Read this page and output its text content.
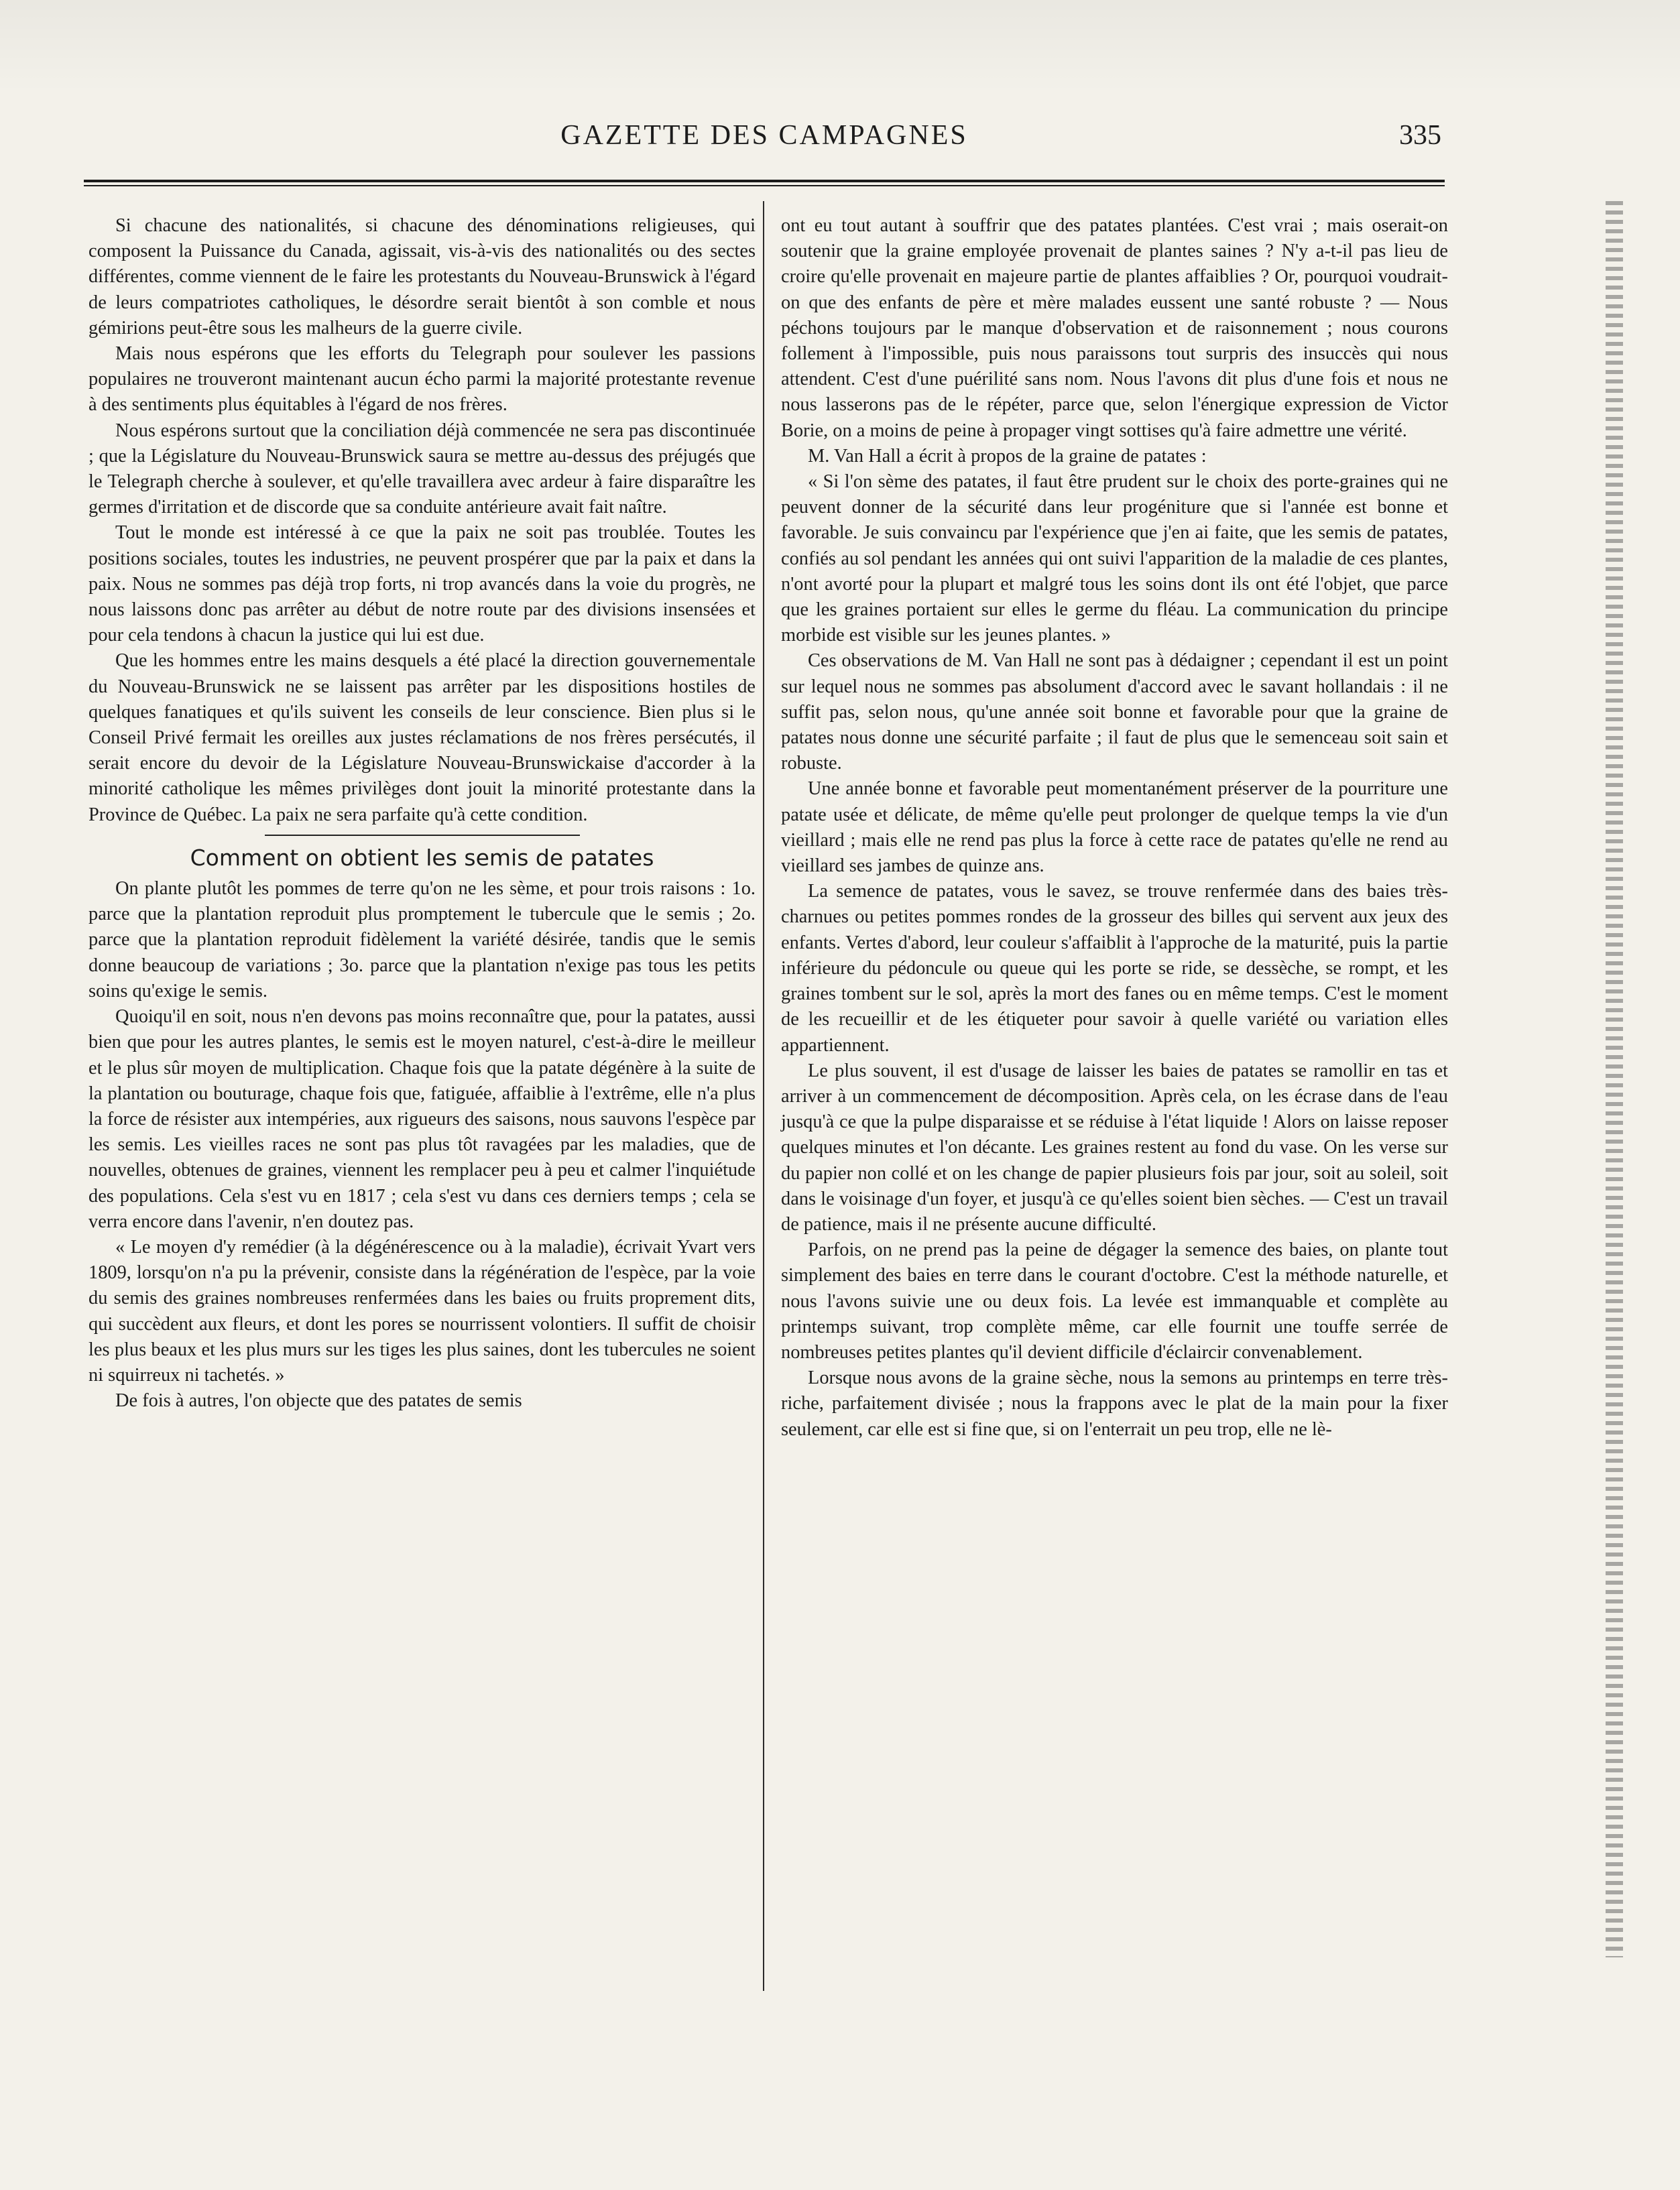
GAZETTE DES CAMPAGNES	335

Si chacune des nationalités, si chacune des dénominations religieuses, qui composent la Puissance du Canada, agissait, vis-à-vis des nationalités ou des sectes différentes, comme viennent de le faire les protestants du Nouveau-Brunswick à l'égard de leurs compatriotes catholiques, le désordre serait bientôt à son comble et nous gémirions peut-être sous les malheurs de la guerre civile.

Mais nous espérons que les efforts du Telegraph pour soulever les passions populaires ne trouveront maintenant aucun écho parmi la majorité protestante revenue à des sentiments plus équitables à l'égard de nos frères.

Nous espérons surtout que la conciliation déjà commencée ne sera pas discontinuée ; que la Législature du Nouveau-Brunswick saura se mettre au-dessus des préjugés que le Telegraph cherche à soulever, et qu'elle travaillera avec ardeur à faire disparaître les germes d'irritation et de discorde que sa conduite antérieure avait fait naître.

Tout le monde est intéressé à ce que la paix ne soit pas troublée. Toutes les positions sociales, toutes les industries, ne peuvent prospérer que par la paix et dans la paix. Nous ne sommes pas déjà trop forts, ni trop avancés dans la voie du progrès, ne nous laissons donc pas arrêter au début de notre route par des divisions insensées et pour cela tendons à chacun la justice qui lui est due.

Que les hommes entre les mains desquels a été placé la direction gouvernementale du Nouveau-Brunswick ne se laissent pas arrêter par les dispositions hostiles de quelques fanatiques et qu'ils suivent les conseils de leur conscience. Bien plus si le Conseil Privé fermait les oreilles aux justes réclamations de nos frères persécutés, il serait encore du devoir de la Législature Nouveau-Brunswickaise d'accorder à la minorité catholique les mêmes privilèges dont jouit la minorité protestante dans la Province de Québec. La paix ne sera parfaite qu'à cette condition.

Comment on obtient les semis de patates

On plante plutôt les pommes de terre qu'on ne les sème, et pour trois raisons : 1o. parce que la plantation reproduit plus promptement le tubercule que le semis ; 2o. parce que la plantation reproduit fidèlement la variété désirée, tandis que le semis donne beaucoup de variations ; 3o. parce que la plantation n'exige pas tous les petits soins qu'exige le semis.

Quoiqu'il en soit, nous n'en devons pas moins reconnaître que, pour la patates, aussi bien que pour les autres plantes, le semis est le moyen naturel, c'est-à-dire le meilleur et le plus sûr moyen de multiplication. Chaque fois que la patate dégénère à la suite de la plantation ou bouturage, chaque fois que, fatiguée, affaiblie à l'extrême, elle n'a plus la force de résister aux intempéries, aux rigueurs des saisons, nous sauvons l'espèce par les semis. Les vieilles races ne sont pas plus tôt ravagées par les maladies, que de nouvelles, obtenues de graines, viennent les remplacer peu à peu et calmer l'inquiétude des populations. Cela s'est vu en 1817 ; cela s'est vu dans ces derniers temps ; cela se verra encore dans l'avenir, n'en doutez pas.

« Le moyen d'y remédier (à la dégénérescence ou à la maladie), écrivait Yvart vers 1809, lorsqu'on n'a pu la prévenir, consiste dans la régénération de l'espèce, par la voie du semis des graines nombreuses renfermées dans les baies ou fruits proprement dits, qui succèdent aux fleurs, et dont les pores se nourrissent volontiers. Il suffit de choisir les plus beaux et les plus murs sur les tiges les plus saines, dont les tubercules ne soient ni squirreux ni tachetés. »

De fois à autres, l'on objecte que des patates de semis

ont eu tout autant à souffrir que des patates plantées. C'est vrai ; mais oserait-on soutenir que la graine employée provenait de plantes saines ? N'y a-t-il pas lieu de croire qu'elle provenait en majeure partie de plantes affaiblies ? Or, pourquoi voudrait-on que des enfants de père et mère malades eussent une santé robuste ? — Nous péchons toujours par le manque d'observation et de raisonnement ; nous courons follement à l'impossible, puis nous paraissons tout surpris des insuccès qui nous attendent. C'est d'une puérilité sans nom. Nous l'avons dit plus d'une fois et nous ne nous lasserons pas de le répéter, parce que, selon l'énergique expression de Victor Borie, on a moins de peine à propager vingt sottises qu'à faire admettre une vérité.

M. Van Hall a écrit à propos de la graine de patates :

« Si l'on sème des patates, il faut être prudent sur le choix des porte-graines qui ne peuvent donner de la sécurité dans leur progéniture que si l'année est bonne et favorable. Je suis convaincu par l'expérience que j'en ai faite, que les semis de patates, confiés au sol pendant les années qui ont suivi l'apparition de la maladie de ces plantes, n'ont avorté pour la plupart et malgré tous les soins dont ils ont été l'objet, que parce que les graines portaient sur elles le germe du fléau. La communication du principe morbide est visible sur les jeunes plantes. »

Ces observations de M. Van Hall ne sont pas à dédaigner ; cependant il est un point sur lequel nous ne sommes pas absolument d'accord avec le savant hollandais : il ne suffit pas, selon nous, qu'une année soit bonne et favorable pour que la graine de patates nous donne une sécurité parfaite ; il faut de plus que le semenceau soit sain et robuste.

Une année bonne et favorable peut momentanément préserver de la pourriture une patate usée et délicate, de même qu'elle peut prolonger de quelque temps la vie d'un vieillard ; mais elle ne rend pas plus la force à cette race de patates qu'elle ne rend au vieillard ses jambes de quinze ans.

La semence de patates, vous le savez, se trouve renfermée dans des baies très-charnues ou petites pommes rondes de la grosseur des billes qui servent aux jeux des enfants. Vertes d'abord, leur couleur s'affaiblit à l'approche de la maturité, puis la partie inférieure du pédoncule ou queue qui les porte se ride, se dessèche, se rompt, et les graines tombent sur le sol, après la mort des fanes ou en même temps. C'est le moment de les recueillir et de les étiqueter pour savoir à quelle variété ou variation elles appartiennent.

Le plus souvent, il est d'usage de laisser les baies de patates se ramollir en tas et arriver à un commencement de décomposition. Après cela, on les écrase dans de l'eau jusqu'à ce que la pulpe disparaisse et se réduise à l'état liquide ! Alors on laisse reposer quelques minutes et l'on décante. Les graines restent au fond du vase. On les verse sur du papier non collé et on les change de papier plusieurs fois par jour, soit au soleil, soit dans le voisinage d'un foyer, et jusqu'à ce qu'elles soient bien sèches. — C'est un travail de patience, mais il ne présente aucune difficulté.

Parfois, on ne prend pas la peine de dégager la semence des baies, on plante tout simplement des baies en terre dans le courant d'octobre. C'est la méthode naturelle, et nous l'avons suivie une ou deux fois. La levée est immanquable et complète au printemps suivant, trop complète même, car elle fournit une touffe serrée de nombreuses petites plantes qu'il devient difficile d'éclaircir convenablement.

Lorsque nous avons de la graine sèche, nous la semons au printemps en terre très-riche, parfaitement divisée ; nous la frappons avec le plat de la main pour la fixer seulement, car elle est si fine que, si on l'enterrait un peu trop, elle ne lè-
